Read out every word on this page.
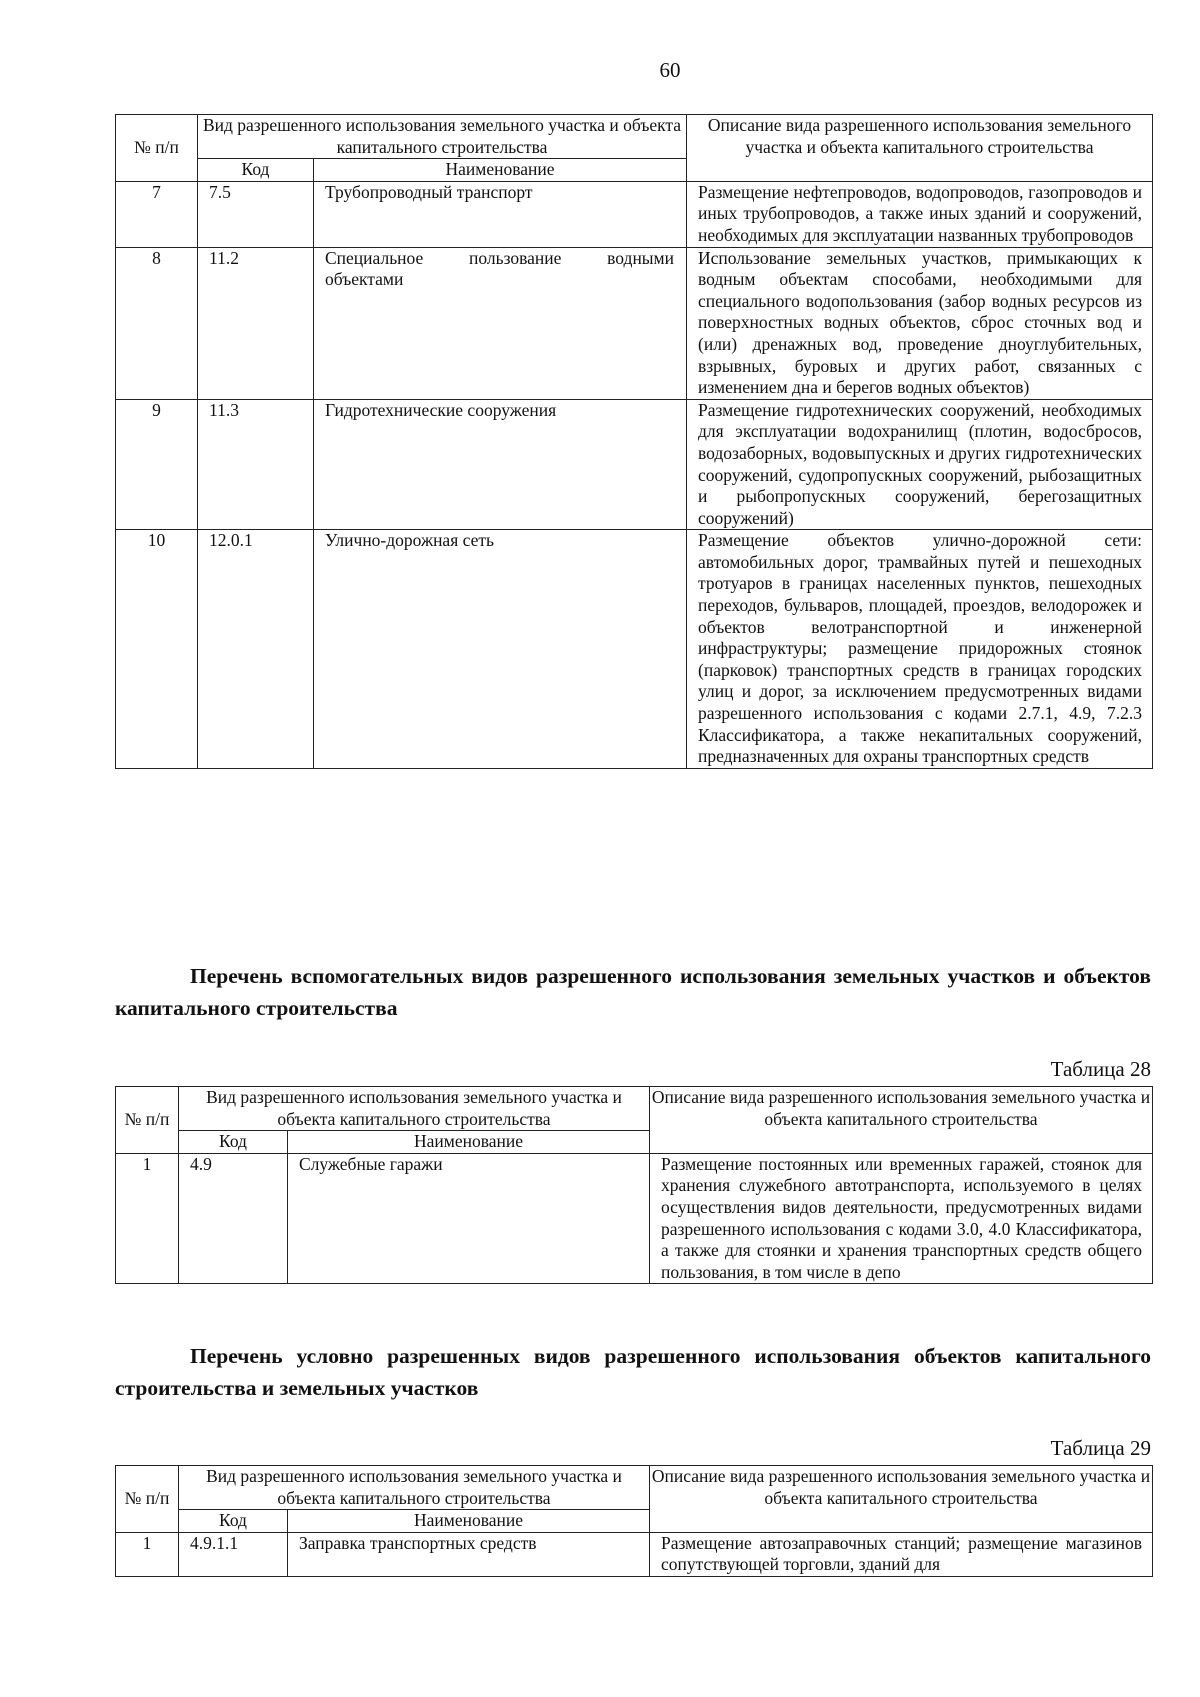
60
№ п/п	Вид разрешенного использования земельного участка и объекта капитального строительства		Описание вида разрешенного использования земельного участка и объекта капитального строительства
	Код	Наименование	
7	7.5	Трубопроводный транспорт	Размещение нефтепроводов, водопроводов, газопроводов и иных трубопроводов, а также иных зданий и сооружений, необходимых для эксплуатации названных трубопроводов
8	11.2	Специальное пользование водными объектами	Использование земельных участков, примыкающих к водным объектам способами, необходимыми для специального водопользования (забор водных ресурсов из поверхностных водных объектов, сброс сточных вод и (или) дренажных вод, проведение дноуглубительных, взрывных, буровых и других работ, связанных с изменением дна и берегов водных объектов)
9	11.3	Гидротехнические сооружения	Размещение гидротехнических сооружений, необходимых для эксплуатации водохранилищ (плотин, водосбросов, водозаборных, водовыпускных и других гидротехнических сооружений, судопропускных сооружений, рыбозащитных и рыбопропускных сооружений, берегозащитных сооружений)
10	12.0.1	Улично-дорожная сеть	Размещение объектов улично-дорожной сети: автомобильных дорог, трамвайных путей и пешеходных тротуаров в границах населенных пунктов, пешеходных переходов, бульваров, площадей, проездов, велодорожек и объектов велотранспортной и инженерной инфраструктуры; размещение придорожных стоянок (парковок) транспортных средств в границах городских улиц и дорог, за исключением предусмотренных видами разрешенного использования с кодами 2.7.1, 4.9, 7.2.3 Классификатора, а также некапитальных сооружений, предназначенных для охраны транспортных средств
Перечень вспомогательных видов разрешенного использования земельных участков и объектов капитального строительства
Таблица 28
№ п/п	Вид разрешенного использования земельного участка и объекта капитального строительства		Описание вида разрешенного использования земельного участка и объекта капитального строительства
	Код	Наименование	
1	4.9	Служебные гаражи	Размещение постоянных или временных гаражей, стоянок для хранения служебного автотранспорта, используемого в целях осуществления видов деятельности, предусмотренных видами разрешенного использования с кодами 3.0, 4.0 Классификатора, а также для стоянки и хранения транспортных средств общего пользования, в том числе в депо
Перечень условно разрешенных видов разрешенного использования объектов капитального строительства и земельных участков
Таблица 29
№ п/п	Вид разрешенного использования земельного участка и объекта капитального строительства		Описание вида разрешенного использования земельного участка и объекта капитального строительства
	Код	Наименование	
1	4.9.1.1	Заправка транспортных средств	Размещение автозаправочных станций; размещение магазинов сопутствующей торговли, зданий для
